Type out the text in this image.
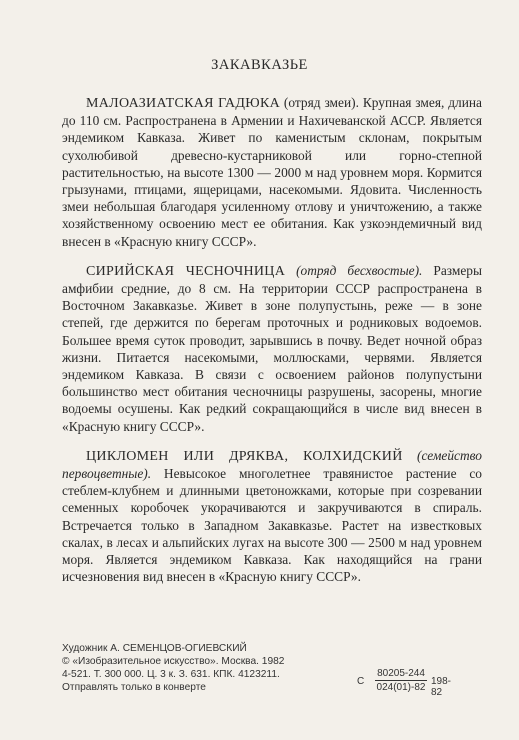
ЗАКАВКАЗЬЕ

МАЛОАЗИАТСКАЯ ГАДЮКА (отряд змеи). Крупная змея, длина до 110 см. Распространена в Армении и Нахичеванской АССР. Является эндемиком Кавказа. Живет по каменистым склонам, покрытым сухолюбивой древесно-кустарниковой или горно-степной растительностью, на высоте 1300 — 2000 м над уровнем моря. Кормится грызунами, птицами, ящерицами, насекомыми. Ядовита. Численность змеи небольшая благодаря усиленному отлову и уничтожению, а также хозяйственному освоению мест ее обитания. Как узкоэндемичный вид внесен в «Красную книгу СССР».

СИРИЙСКАЯ ЧЕСНОЧНИЦА (отряд бесхвостые). Размеры амфибии средние, до 8 см. На территории СССР распространена в Восточном Закавказье. Живет в зоне полупустынь, реже — в зоне степей, где держится по берегам проточных и родниковых водоемов. Большее время суток проводит, зарывшись в почву. Ведет ночной образ жизни. Питается насекомыми, моллюсками, червями. Является эндемиком Кавказа. В связи с освоением районов полупустыни большинство мест обитания чесночницы разрушены, засорены, многие водоемы осушены. Как редкий сокращающийся в числе вид внесен в «Красную книгу СССР».

ЦИКЛОМЕН ИЛИ ДРЯКВА, КОЛХИДСКИЙ (семейство первоцветные). Невысокое многолетнее травянистое растение со стеблем-клубнем и длинными цветоножками, которые при созревании семенных коробочек укорачиваются и закручиваются в спираль. Встречается только в Западном Закавказье. Растет на известковых скалах, в лесах и альпийских лугах на высоте 300 — 2500 м над уровнем моря. Является эндемиком Кавказа. Как находящийся на грани исчезновения вид внесен в «Красную книгу СССР».

Художник А. СЕМЕНЦОВ-ОГИЕВСКИЙ
© «Изобразительное искусство». Москва. 1982
4-521. Т. 300 000. Ц. 3 к. З. 631. КПК. 4123211.
Отправлять только в конверте
С $\frac{80205-244}{024(01)-82} 198-82$
